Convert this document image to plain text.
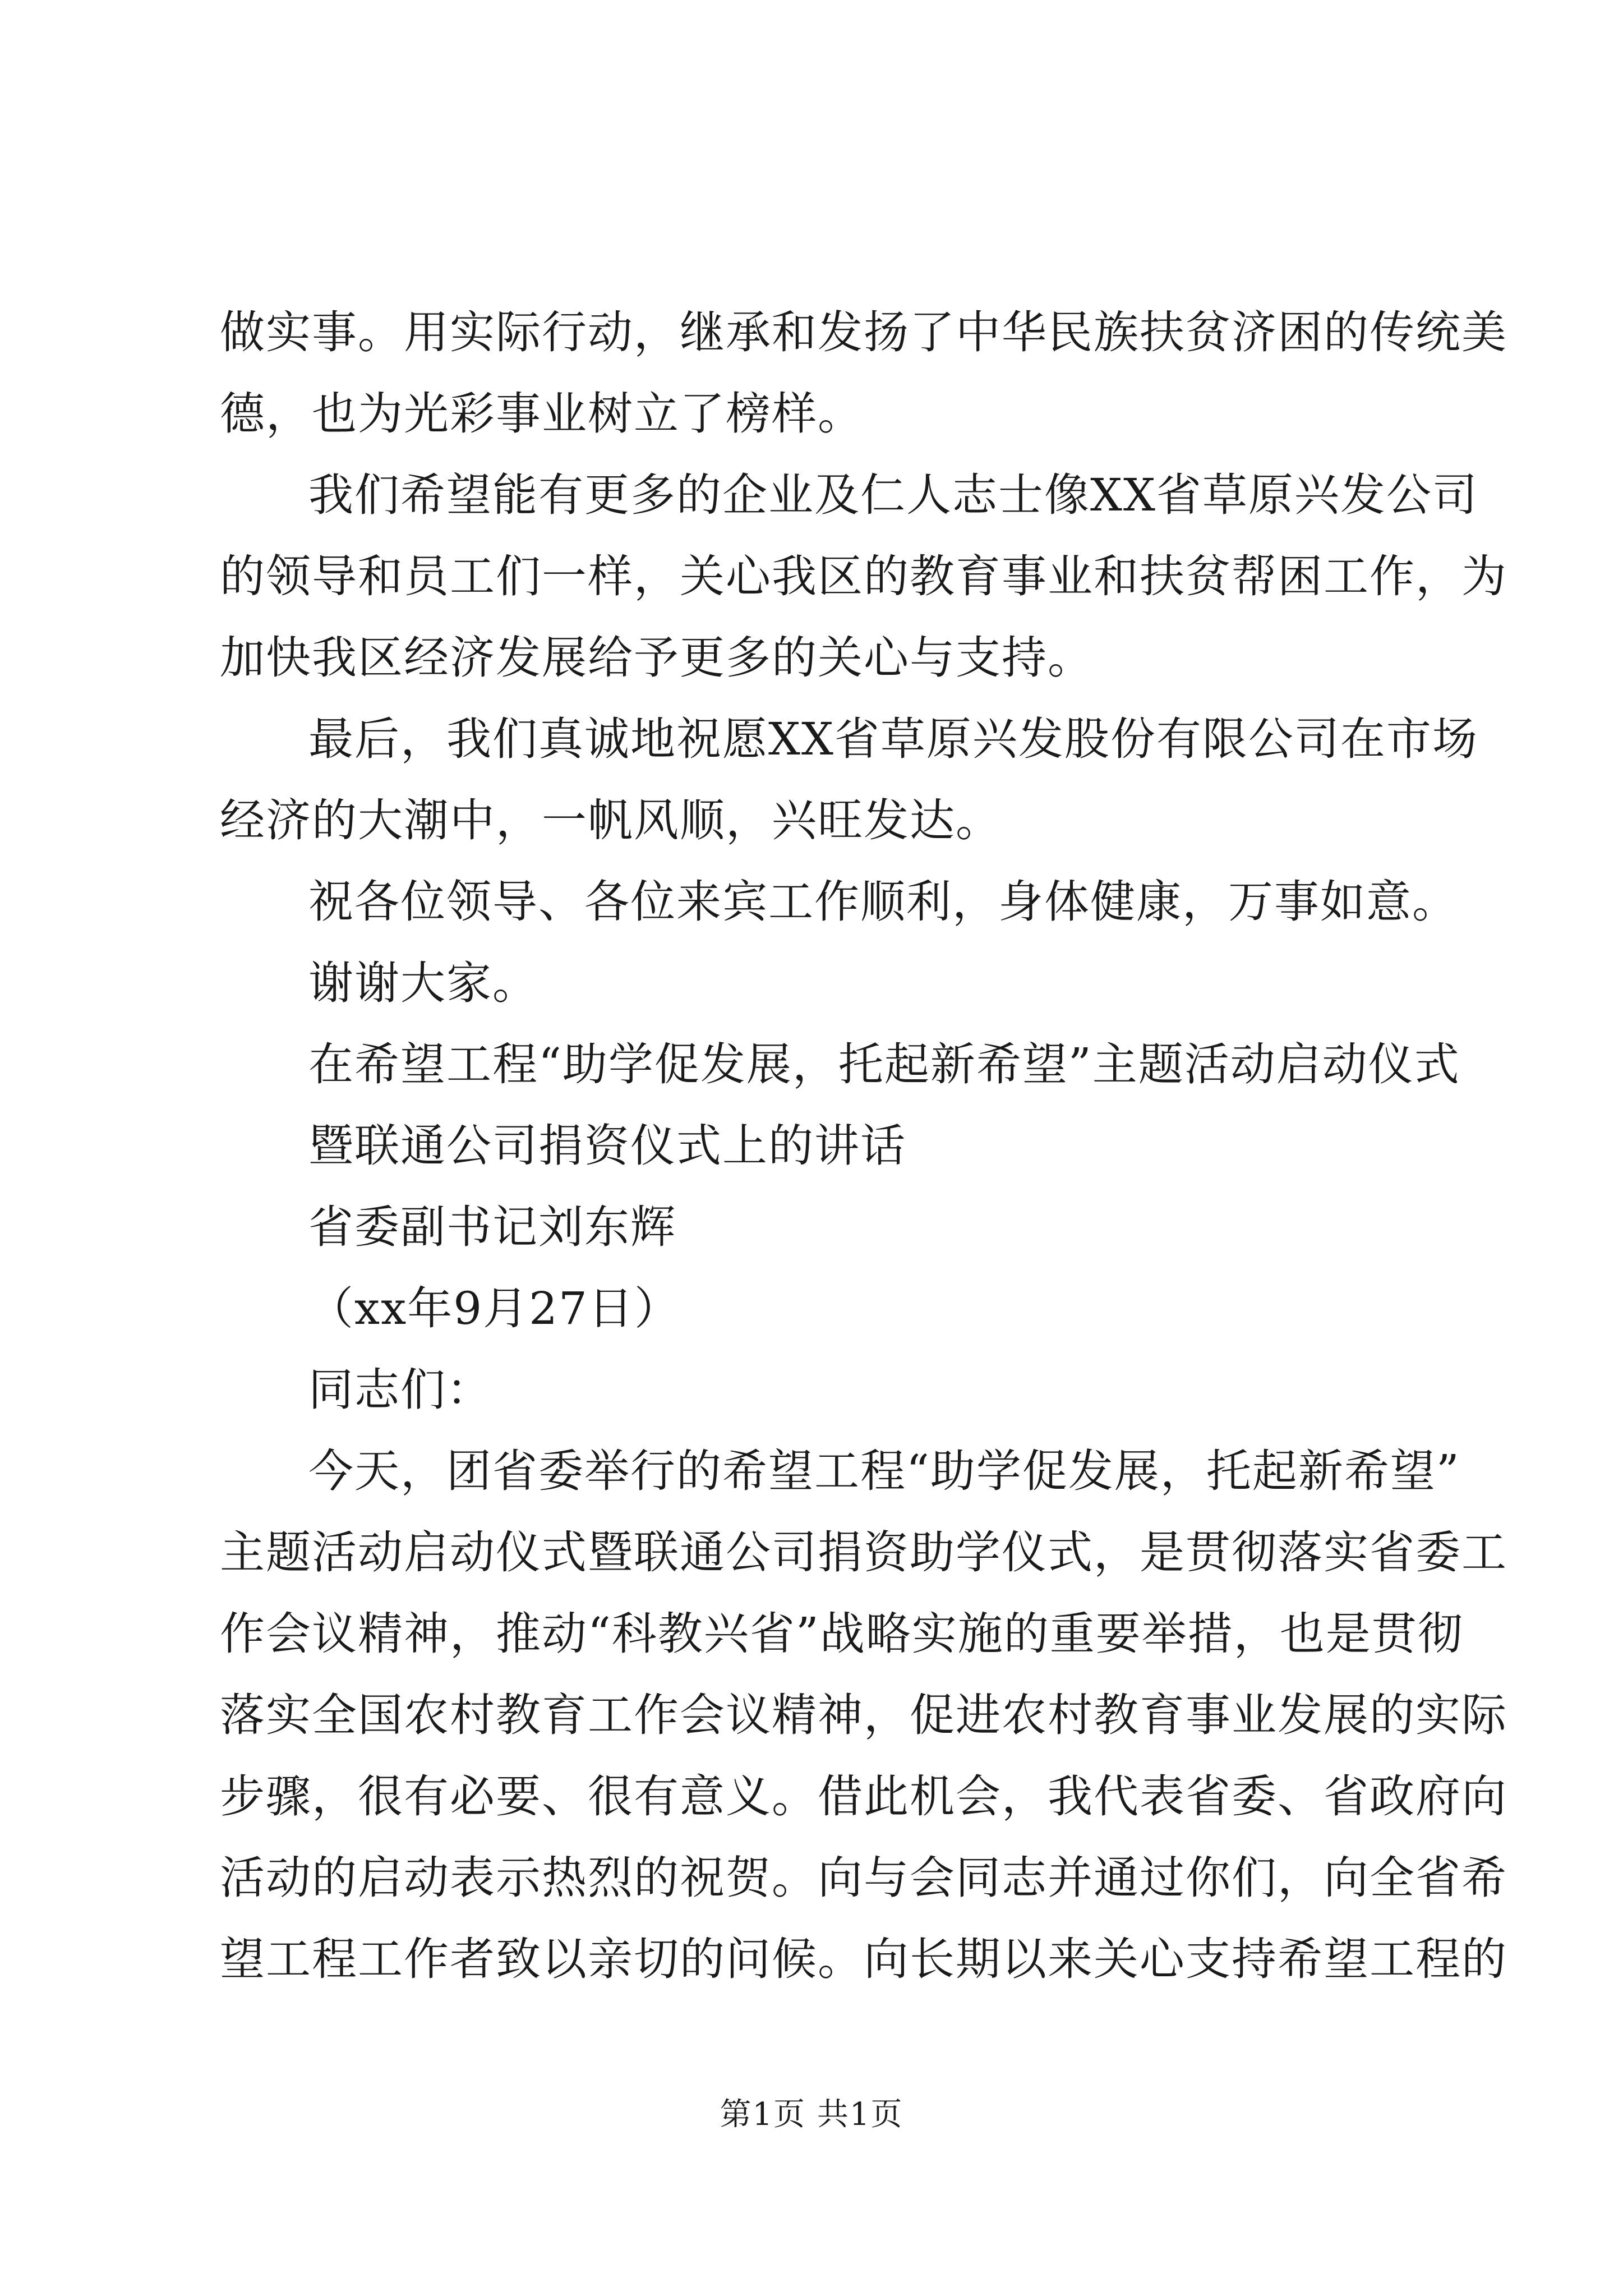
做实事。用实际行动，继承和发扬了中华民族扶贫济困的传统美
德，也为光彩事业树立了榜样。
我们希望能有更多的企业及仁人志士像XX省草原兴发公司
的领导和员工们一样，关心我区的教育事业和扶贫帮困工作，为
加快我区经济发展给予更多的关心与支持。
最后，我们真诚地祝愿XX省草原兴发股份有限公司在市场
经济的大潮中，一帆风顺，兴旺发达。
祝各位领导、各位来宾工作顺利，身体健康，万事如意。
谢谢大家。
在希望工程“助学促发展，托起新希望”主题活动启动仪式
暨联通公司捐资仪式上的讲话
省委副书记刘东辉
（xx年9月27日）
同志们：
今天，团省委举行的希望工程“助学促发展，托起新希望”
主题活动启动仪式暨联通公司捐资助学仪式，是贯彻落实省委工
作会议精神，推动“科教兴省”战略实施的重要举措，也是贯彻
落实全国农村教育工作会议精神，促进农村教育事业发展的实际
步骤，很有必要、很有意义。借此机会，我代表省委、省政府向
活动的启动表示热烈的祝贺。向与会同志并通过你们，向全省希
望工程工作者致以亲切的问候。向长期以来关心支持希望工程的
第1页 共1页
